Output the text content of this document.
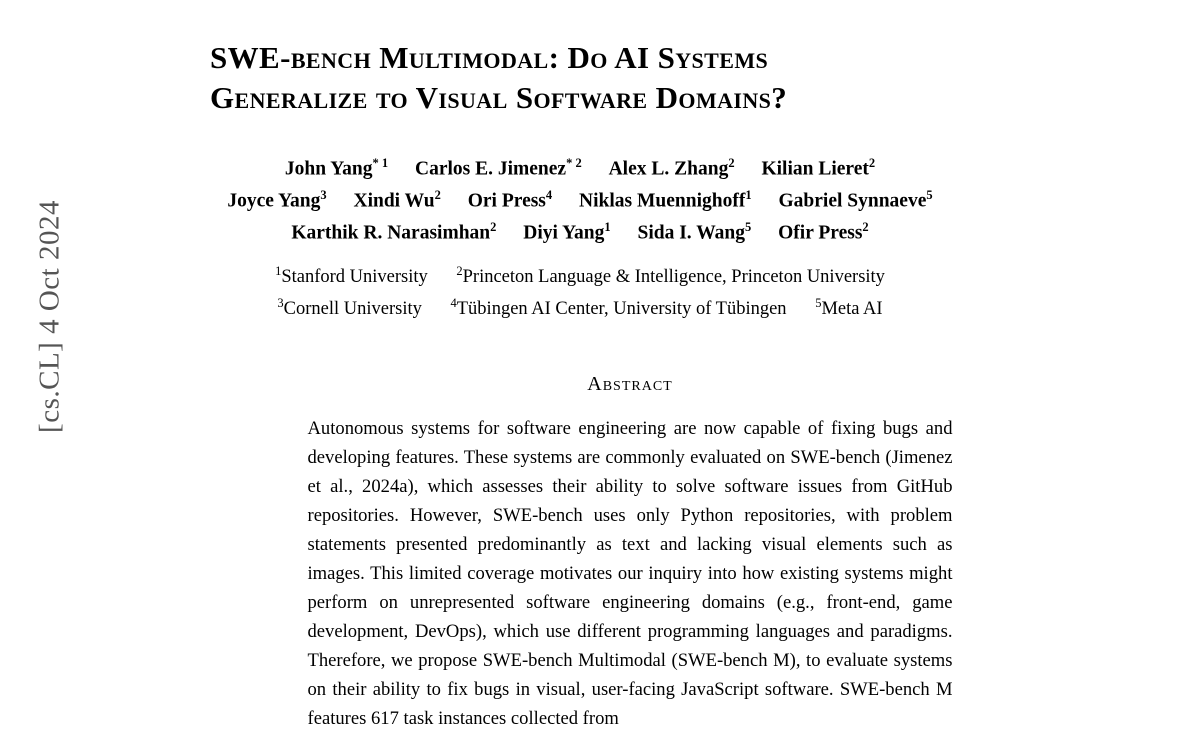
[cs.CL] 4 Oct 2024
SWE-bench Multimodal: Do AI Systems
Generalize to Visual Software Domains?
John Yang$^{* 1}$ Carlos E. Jimenez$^{* 2}$ Alex L. Zhang$^2$ Kilian Lieret$^2$
Joyce Yang$^3$ Xindi Wu$^2$ Ori Press$^4$ Niklas Muennighoff$^1$ Gabriel Synnaeve$^5$
Karthik R. Narasimhan$^2$ Diyi Yang$^1$ Sida I. Wang$^5$ Ofir Press$^2$
$^1$Stanford University $^2$Princeton Language & Intelligence, Princeton University
$^3$Cornell University $^4$Tübingen AI Center, University of Tübingen $^5$Meta AI
Abstract
Autonomous systems for software engineering are now capable of fixing bugs and developing features. These systems are commonly evaluated on SWE-bench (Jimenez et al., 2024a), which assesses their ability to solve software issues from GitHub repositories. However, SWE-bench uses only Python repositories, with problem statements presented predominantly as text and lacking visual elements such as images. This limited coverage motivates our inquiry into how existing systems might perform on unrepresented software engineering domains (e.g., front-end, game development, DevOps), which use different programming languages and paradigms. Therefore, we propose SWE-bench Multimodal (SWE-bench M), to evaluate systems on their ability to fix bugs in visual, user-facing JavaScript software. SWE-bench M features 617 task instances collected from
